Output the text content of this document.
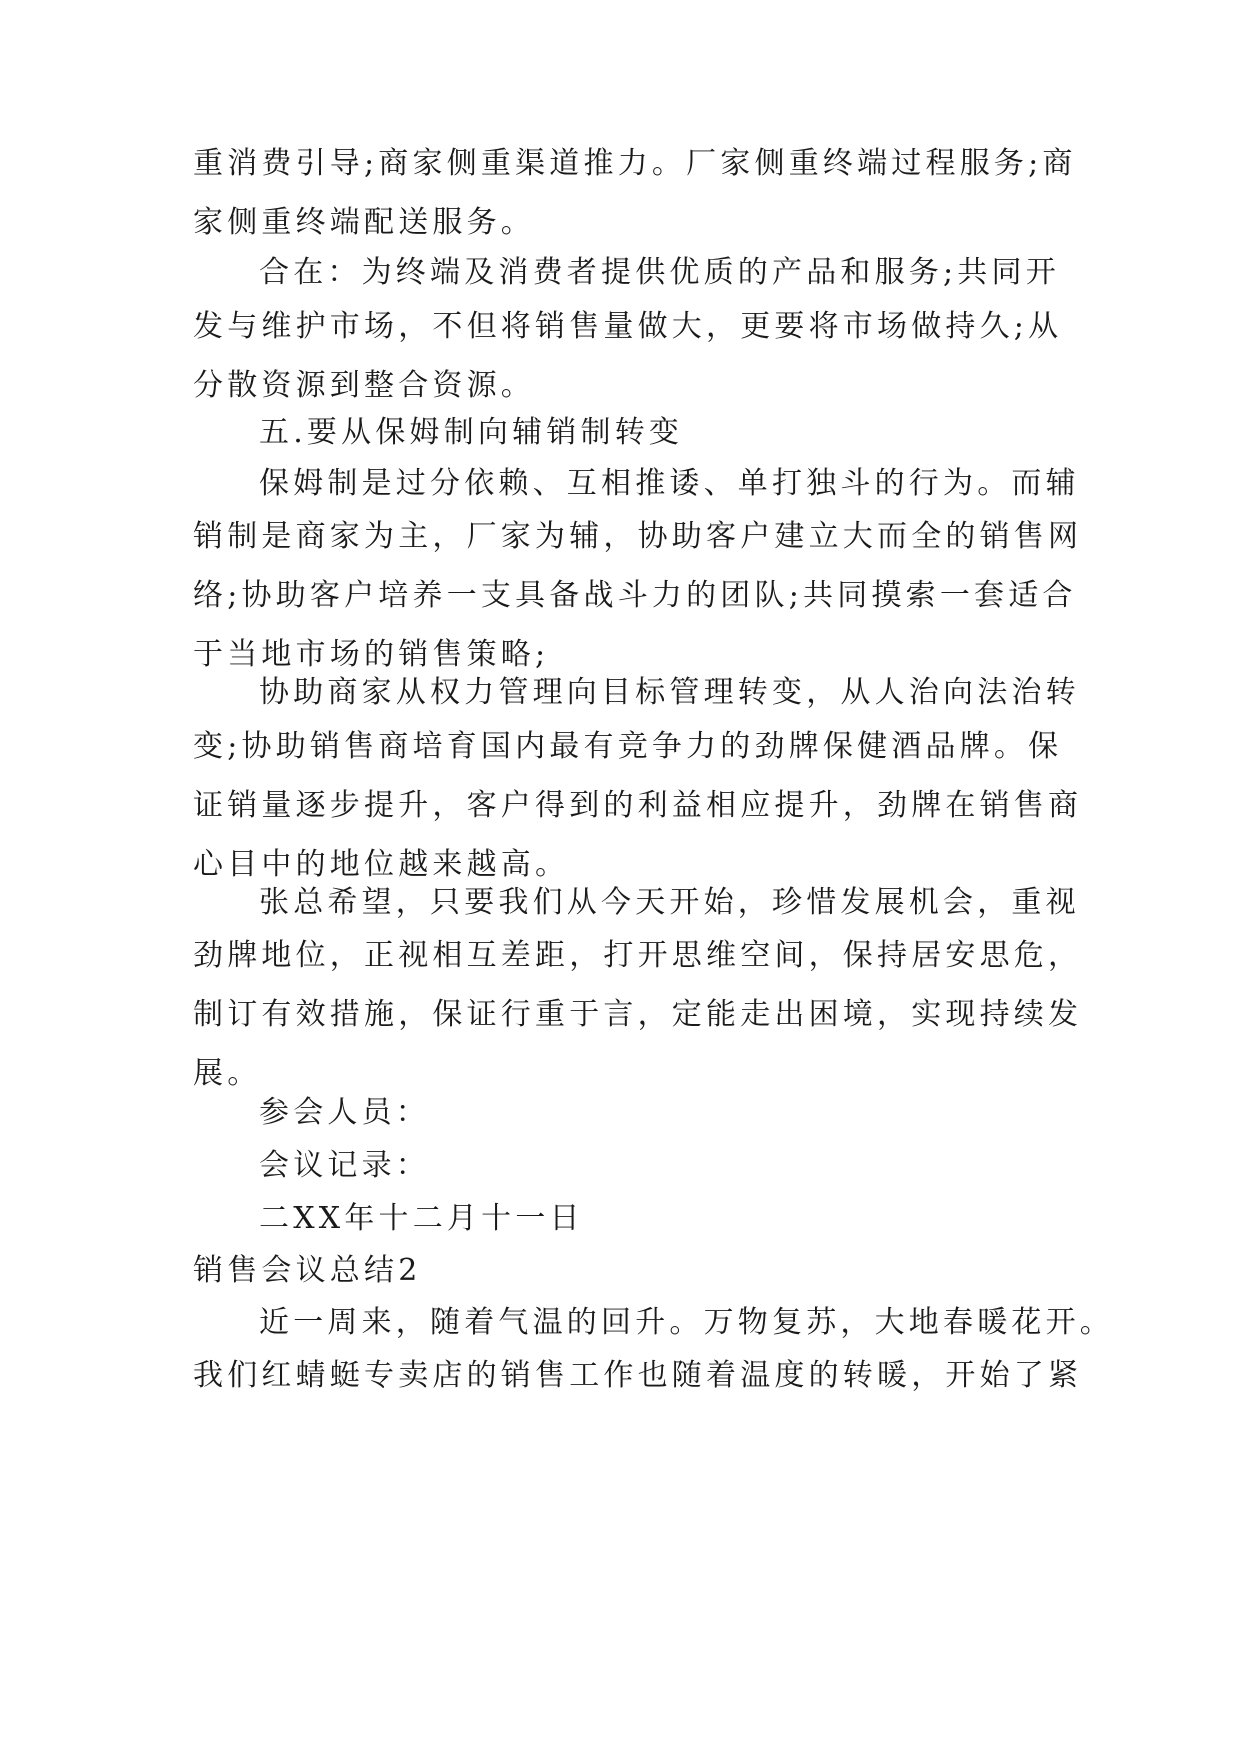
重消费引导;商家侧重渠道推力。厂家侧重终端过程服务;商
家侧重终端配送服务。
合在：为终端及消费者提供优质的产品和服务;共同开
发与维护市场，不但将销售量做大，更要将市场做持久;从
分散资源到整合资源。
五.要从保姆制向辅销制转变
保姆制是过分依赖、互相推诿、单打独斗的行为。而辅
销制是商家为主，厂家为辅，协助客户建立大而全的销售网
络;协助客户培养一支具备战斗力的团队;共同摸索一套适合
于当地市场的销售策略;
协助商家从权力管理向目标管理转变，从人治向法治转
变;协助销售商培育国内最有竞争力的劲牌保健酒品牌。保
证销量逐步提升，客户得到的利益相应提升，劲牌在销售商
心目中的地位越来越高。
张总希望，只要我们从今天开始，珍惜发展机会，重视
劲牌地位，正视相互差距，打开思维空间，保持居安思危，
制订有效措施，保证行重于言，定能走出困境，实现持续发
展。
参会人员：
会议记录：
二XX年十二月十一日
销售会议总结2
近一周来，随着气温的回升。万物复苏，大地春暖花开。
我们红蜻蜓专卖店的销售工作也随着温度的转暖，开始了紧
